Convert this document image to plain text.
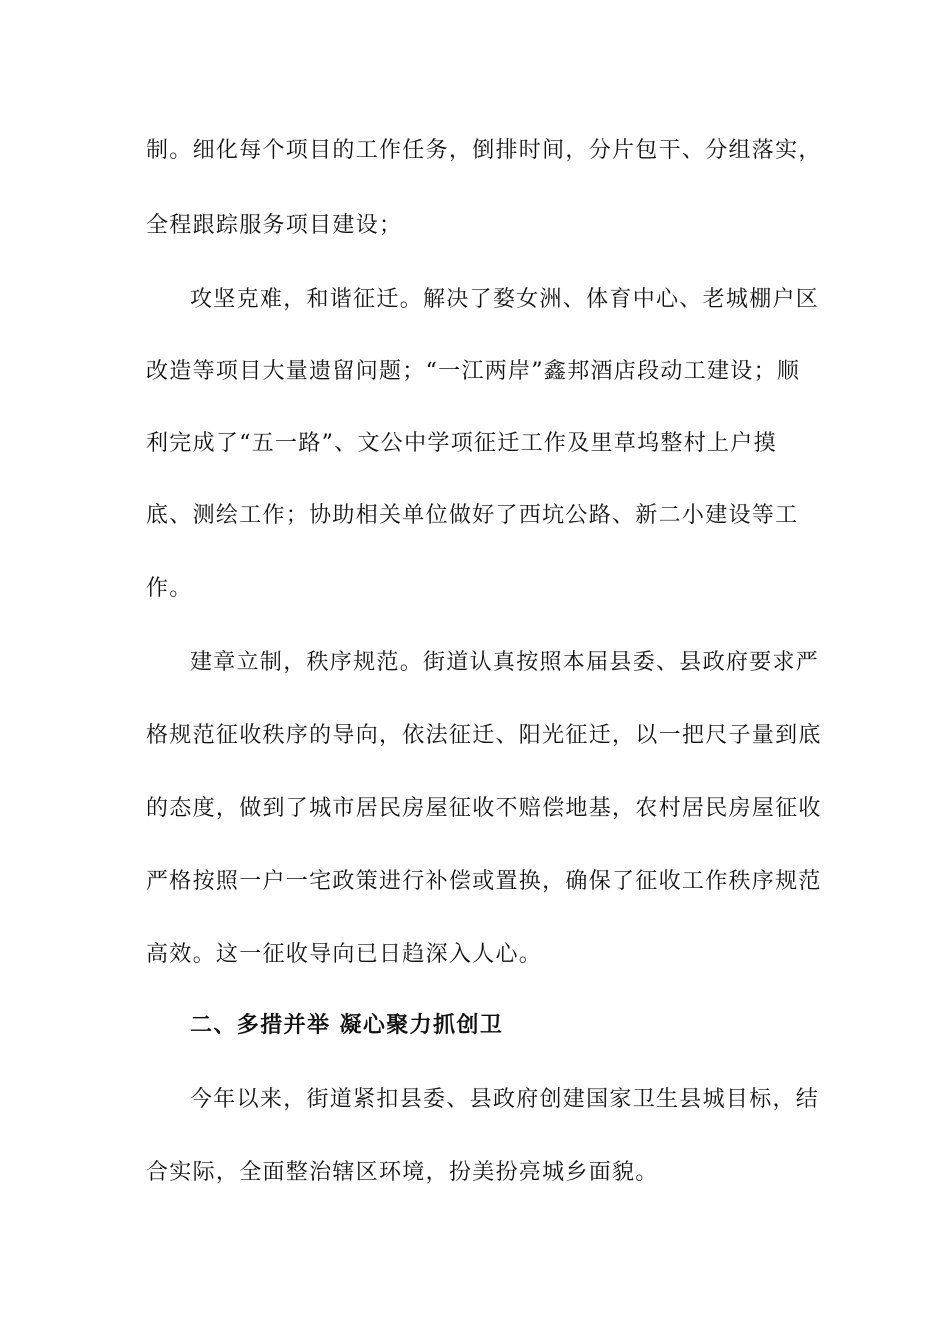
制。细化每个项目的工作任务，倒排时间，分片包干、分组落实，
全程跟踪服务项目建设；
攻坚克难，和谐征迁。解决了婺女洲、体育中心、老城棚户区
改造等项目大量遗留问题；“一江两岸”鑫邦酒店段动工建设；顺
利完成了“五一路”、文公中学项征迁工作及里草坞整村上户摸
底、测绘工作；协助相关单位做好了西坑公路、新二小建设等工
作。
建章立制，秩序规范。街道认真按照本届县委、县政府要求严
格规范征收秩序的导向，依法征迁、阳光征迁，以一把尺子量到底
的态度，做到了城市居民房屋征收不赔偿地基，农村居民房屋征收
严格按照一户一宅政策进行补偿或置换，确保了征收工作秩序规范
高效。这一征收导向已日趋深入人心。
二、多措并举 凝心聚力抓创卫
今年以来，街道紧扣县委、县政府创建国家卫生县城目标，结
合实际，全面整治辖区环境，扮美扮亮城乡面貌。
